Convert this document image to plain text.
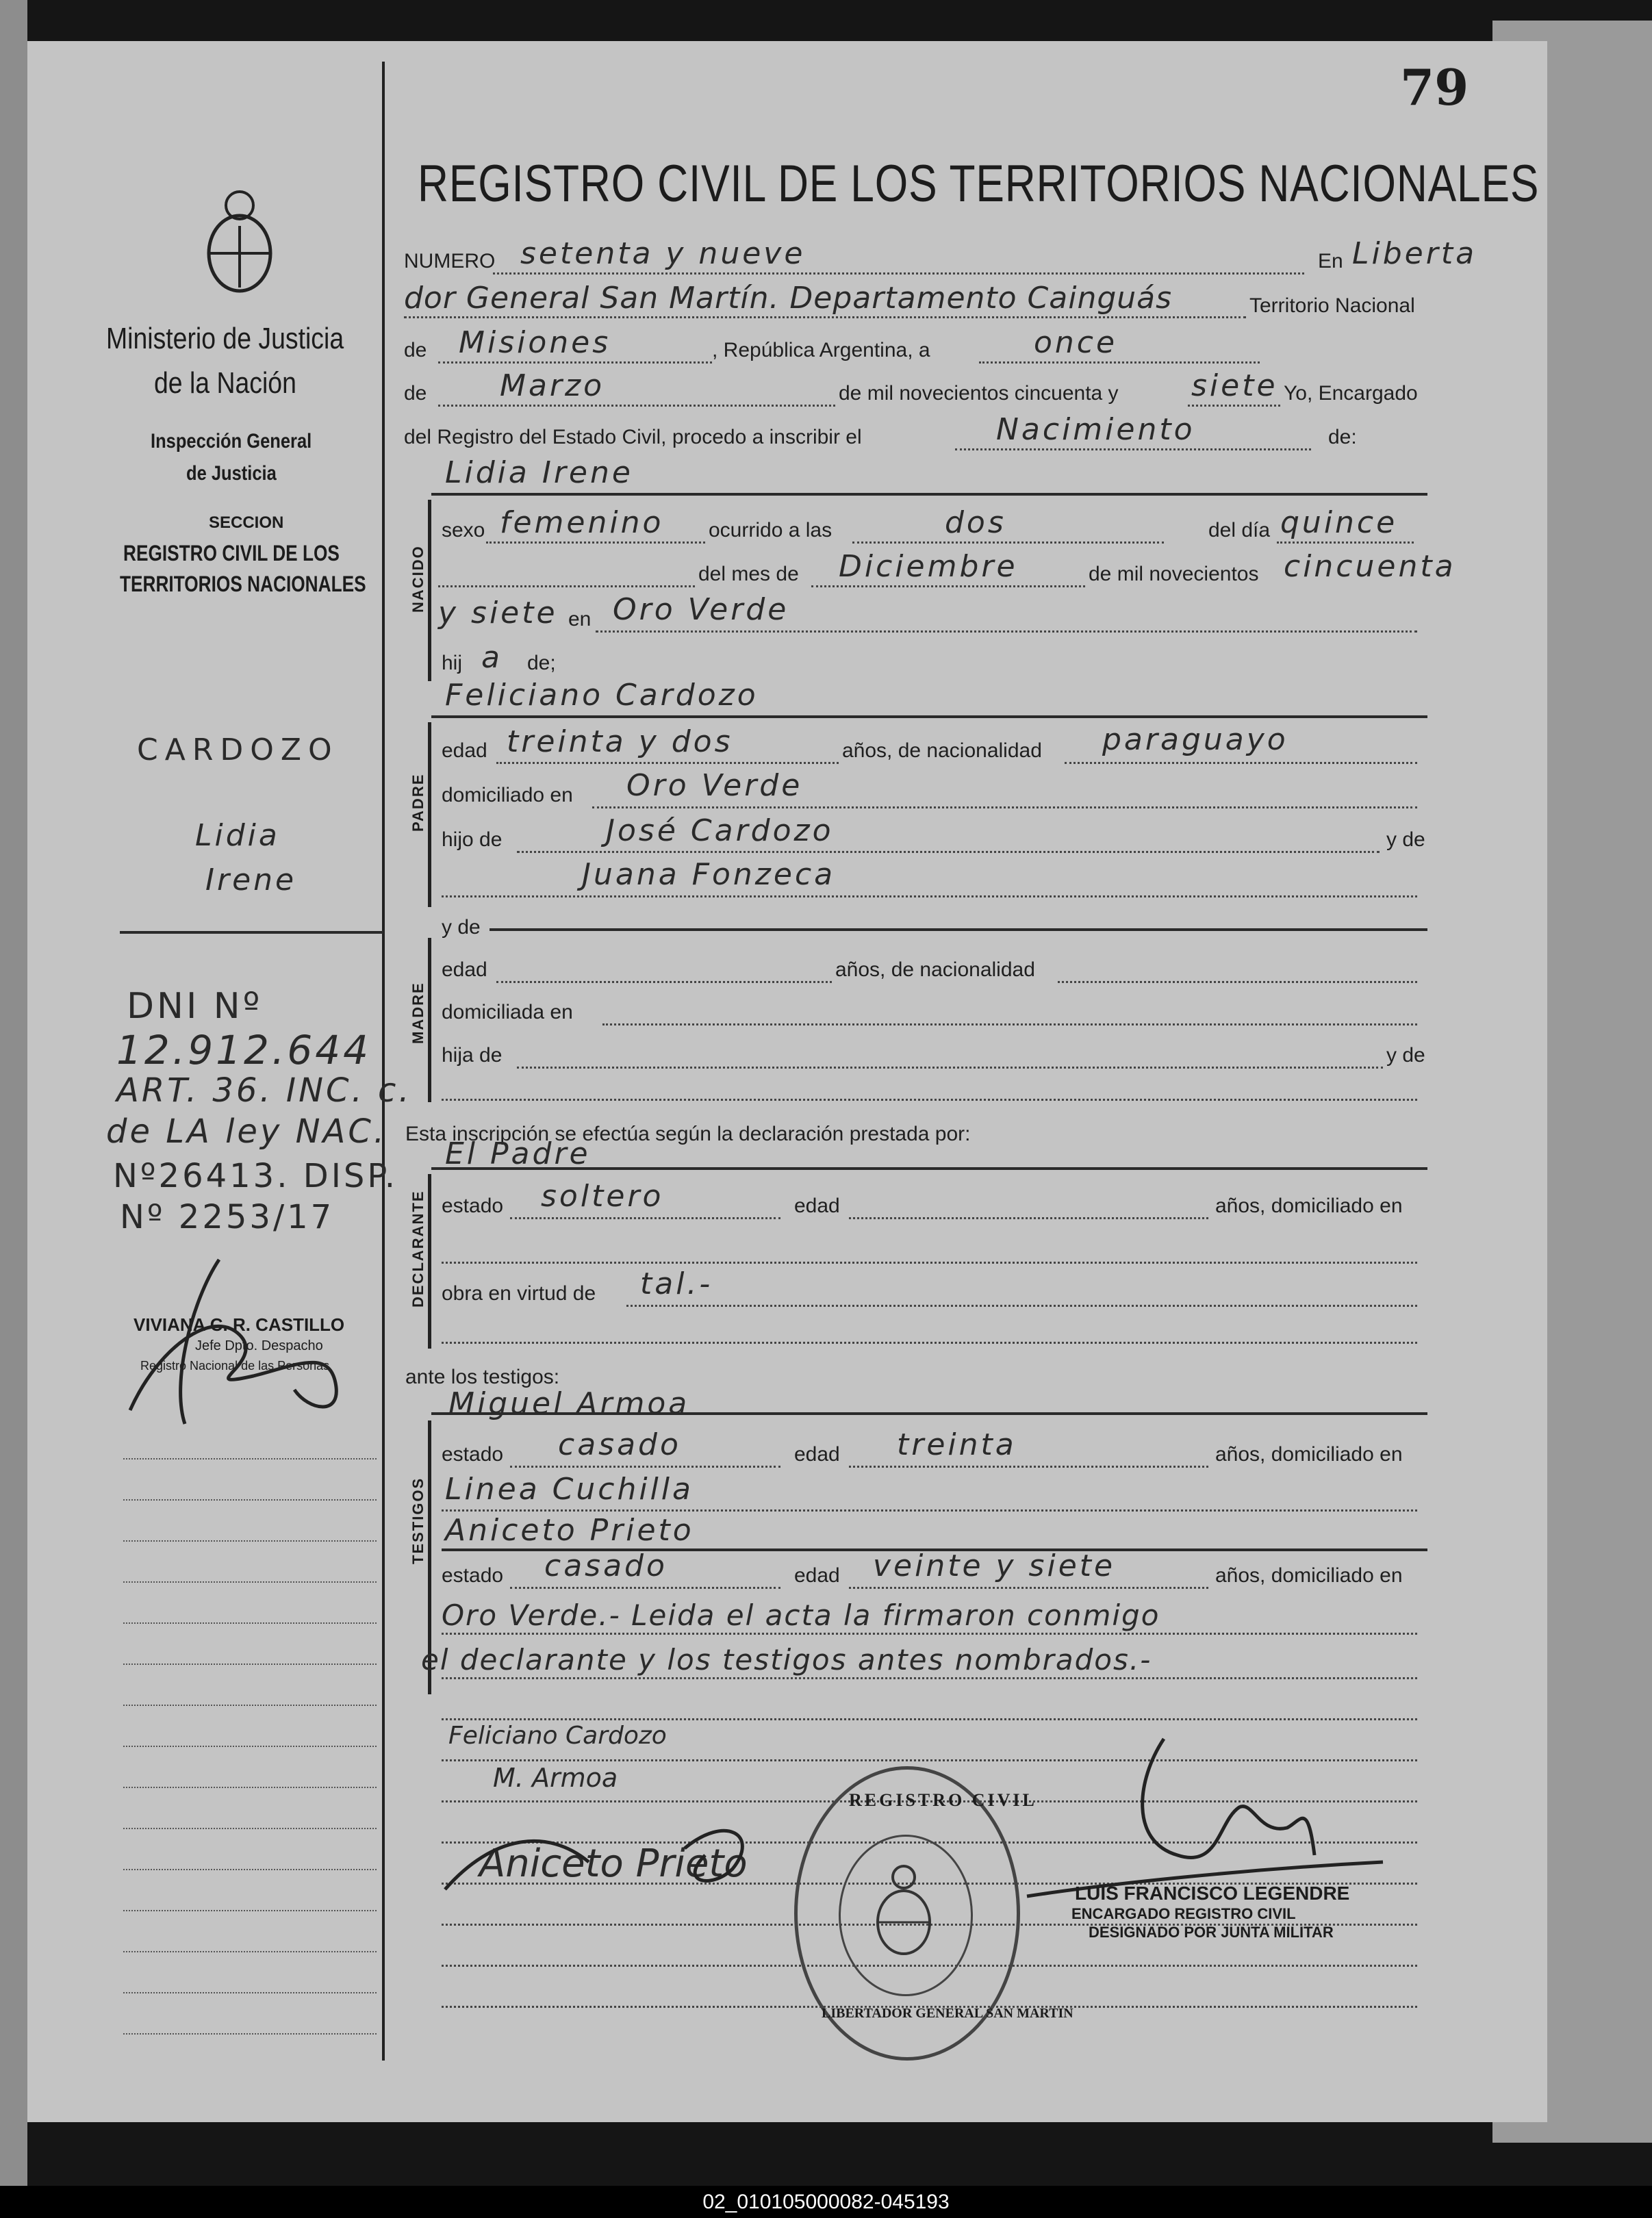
79
REGISTRO CIVIL DE LOS TERRITORIOS NACIONALES
Ministerio de Justicia
de la Nación
Inspección General
de Justicia
SECCION
REGISTRO CIVIL DE LOS
TERRITORIOS NACIONALES
CARDOZO
Lidia
Irene
DNI Nº
12.912.644
ART. 36. INC. c.
de LA ley NAC.
Nº26413. DISP.
Nº 2253/17
VIVIANA C. R. CASTILLO
Jefe Dpto. Despacho
Registro Nacional de las Personas
NUMERO setenta y nueve	En Liberta
dor General San Martín. Departamento Cainguás	Territorio Nacional
de Misiones	, República Argentina, a	once
de Marzo	de mil novecientos cincuenta y siete Yo, Encargado
del Registro del Estado Civil, procedo a inscribir el	Nacimiento	de:
NACIDO
Lidia Irene
sexo femenino ocurrido a las	dos	del día quince
del mes de Diciembre	de mil novecientos cincuenta
y siete en Oro Verde
hij a de;
Feliciano Cardozo
PADRE
edad treinta y dos	años, de nacionalidad paraguayo
domiciliado en Oro Verde
hijo de	José Cardozo	y de
Juana Fonzeca
y de
MADRE
edad	años, de nacionalidad
domiciliada en
hija de	y de
Esta inscripción se efectúa según la declaración prestada por:
El Padre
DECLARANTE estado soltero	edad	años, domiciliado en
obra en virtud de tal.-
ante los testigos:
Miguel Armoa
TESTIGOS
estado casado	edad treinta	años, domiciliado en
Linea Cuchilla
Aniceto Prieto
estado casado	edad veinte y siete	años, domiciliado en
Oro Verde.- Leida el acta la firmaron conmigo
el declarante y los testigos antes nombrados.-
Feliciano Cardozo
M. Armoa
Aniceto Prieto
REGISTRO CIVIL
LIBERTADOR GENERAL SAN MARTIN
LUIS FRANCISCO LEGENDRE
ENCARGADO REGISTRO CIVIL
DESIGNADO POR JUNTA MILITAR
02_010105000082-045193
